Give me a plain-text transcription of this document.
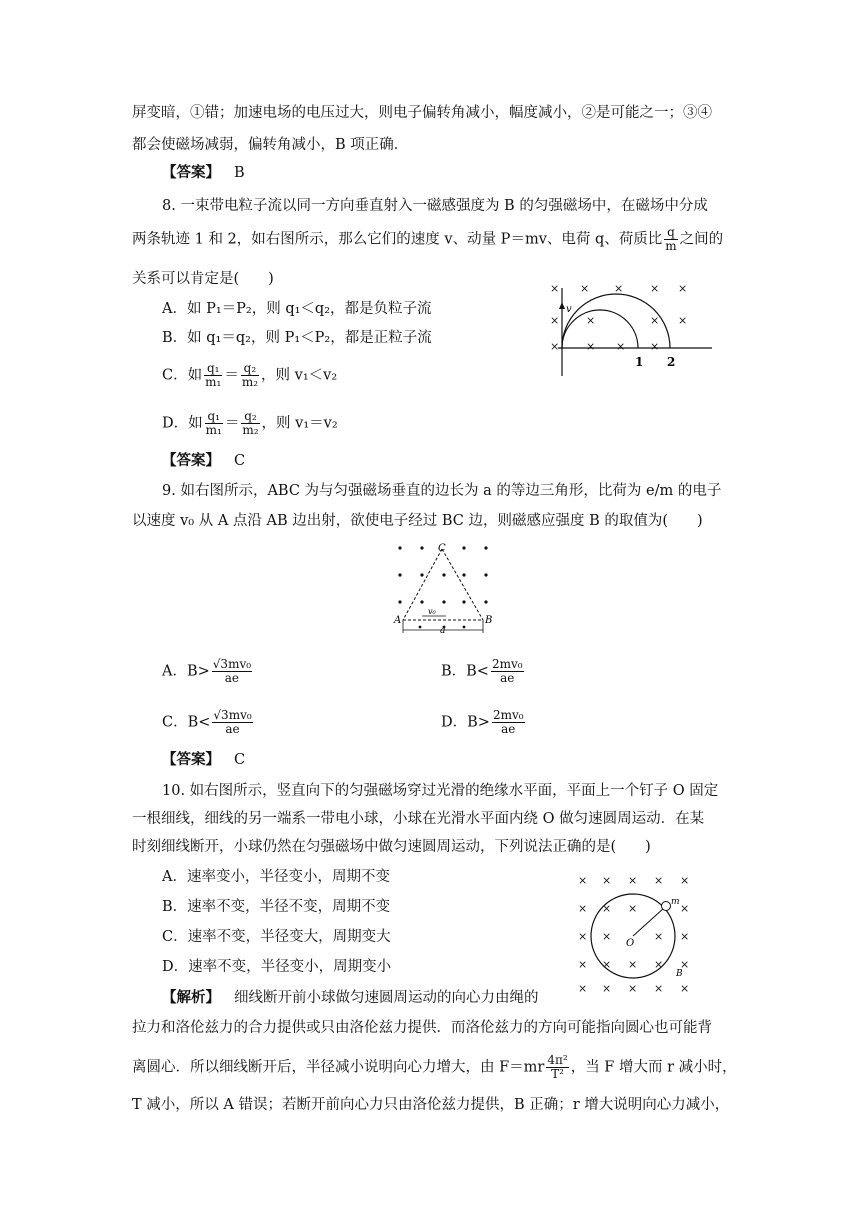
屏变暗，①错；加速电场的电压过大，则电子偏转角减小，幅度减小，②是可能之一；③④
都会使磁场减弱，偏转角减小，B 项正确．
【答案】 B
8. 一束带电粒子流以同一方向垂直射入一磁感强度为 B 的匀强磁场中，在磁场中分成
两条轨迹 1 和 2，如右图所示，那么它们的速度 v、动量 P＝mv、电荷 q、荷质比 $\frac{q}{m}$ 之间的
关系可以肯定是(　　)
A．如 P₁＝P₂，则 q₁＜q₂，都是负粒子流
B．如 q₁＝q₂，则 P₁＜P₂，都是正粒子流
C．如 $\frac{\text{q₁}}{\text{m₁}} = \frac{\text{q₂}}{\text{m₂}}$ ，则 v₁＜v₂
D．如 $\frac{\text{q₁}}{\text{m₁}} = \frac{\text{q₂}}{\text{m₂}}$ ，则 v₁＝v₂
【答案】 C
v
× × × × ×
× ×	× ×
× × × ×
1 2
9. 如右图所示，ABC 为与匀强磁场垂直的边长为 a 的等边三角形，比荷为 e/m 的电子
以速度 v₀ 从 A 点沿 AB 边出射，欲使电子经过 BC 边，则磁感应强度 B 的取值为(　　)
C
A	B
v₀
a
A．$B> \frac{\text{√3mv₀}}{ae}$	B．$B< \frac{\text{2mv₀}}{ae}$
C．$B< \frac{\text{√3mv₀}}{ae}$	D．$B> \frac{\text{2mv₀}}{ae}$
【答案】 C
10. 如右图所示，竖直向下的匀强磁场穿过光滑的绝缘水平面，平面上一个钉子 O 固定
一根细线，细线的另一端系一带电小球，小球在光滑水平面内绕 O 做匀速圆周运动．在某
时刻细线断开，小球仍然在匀强磁场中做匀速圆周运动，下列说法正确的是(　　)
A．速率变小，半径变小，周期不变
B．速率不变，半径不变，周期不变
C．速率不变，半径变大，周期变大
D．速率不变，半径变小，周期变小
× × × × ×
× × ×	×
× ×	× ×
× × × × ×
× × × × ×
m
O
B
【解析】 细线断开前小球做匀速圆周运动的向心力由绳的
拉力和洛伦兹力的合力提供或只由洛伦兹力提供．而洛伦兹力的方向可能指向圆心也可能背
离圆心．所以细线断开后，半径减小说明向心力增大，由 $F=mr \frac{\text{4π²}}{\text{T²}}$ ，当 F 增大而 r 减小时，
T 减小，所以 A 错误；若断开前向心力只由洛伦兹力提供，B 正确；r 增大说明向心力减小，
